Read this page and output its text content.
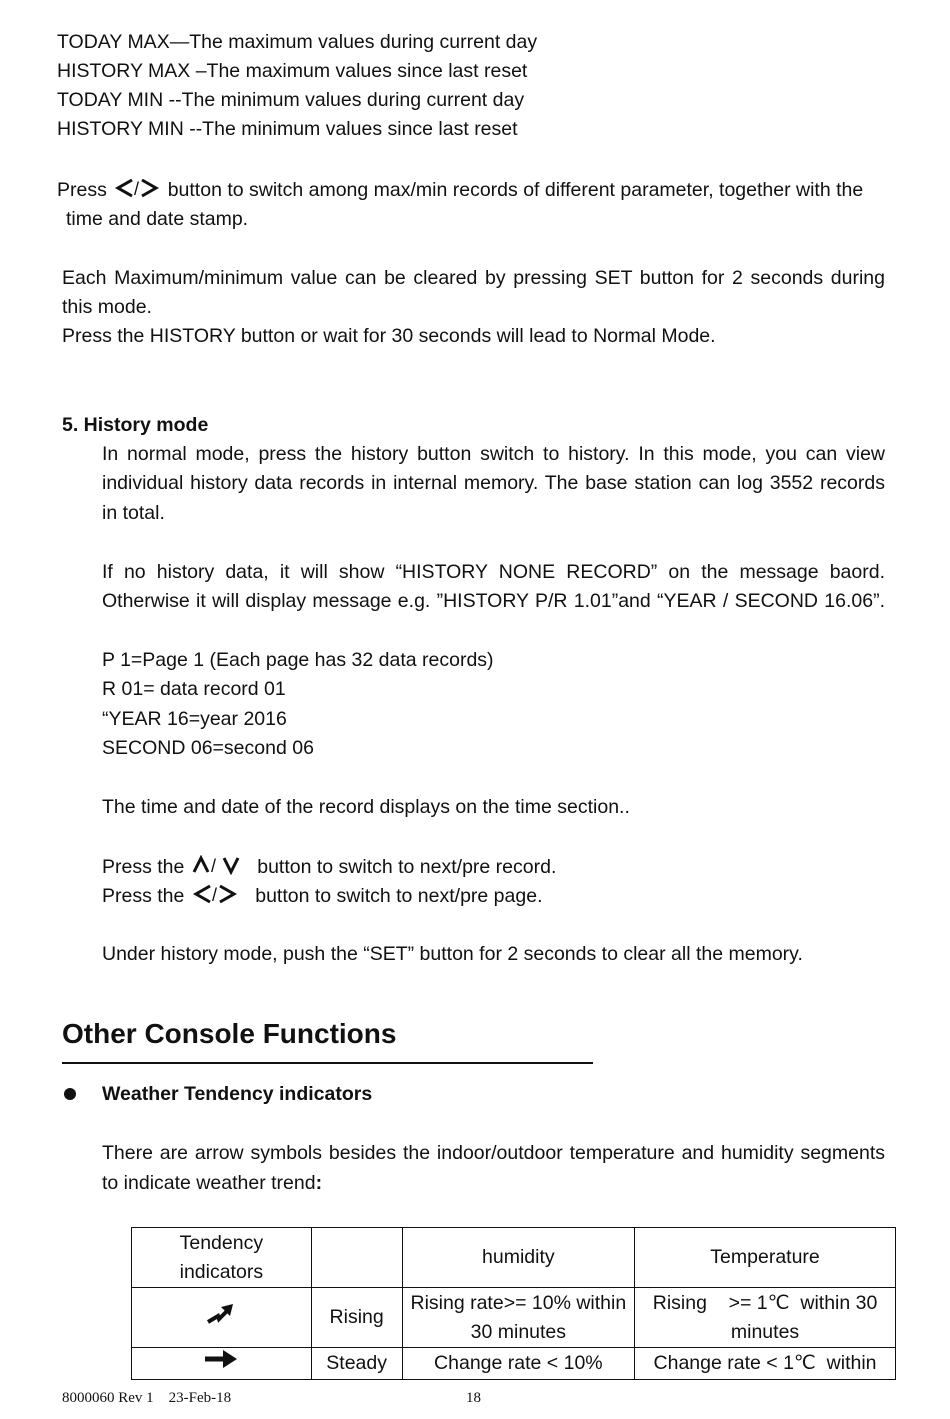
TODAY MAX—The maximum values during current day
HISTORY MAX –The maximum values since last reset
TODAY MIN --The minimum values during current day
HISTORY MIN --The minimum values since last reset
Press / button to switch among max/min records of different parameter, together with the
time and date stamp.
Each Maximum/minimum value can be cleared by pressing SET button for 2 seconds during
this mode.
Press the HISTORY button or wait for 30 seconds will lead to Normal Mode.
5. History mode
In normal mode, press the history button switch to history. In this mode, you can view
individual history data records in internal memory. The base station can log 3552 records
in total.
If no history data, it will show “HISTORY NONE RECORD” on the message baord.
Otherwise it will display message e.g. ”HISTORY P/R 1.01”and “YEAR / SECOND 16.06”.
P 1=Page 1 (Each page has 32 data records)
R 01= data record 01
“YEAR 16=year 2016
SECOND 06=second 06
The time and date of the record displays on the time section..
Press the / button to switch to next/pre record.
Press the / button to switch to next/pre page.
Under history mode, push the “SET” button for 2 seconds to clear all the memory.
Other Console Functions
Weather Tendency indicators
There are arrow symbols besides the indoor/outdoor temperature and humidity segments
to indicate weather trend:
Tendency indicators		humidity	Temperature
	Rising	Rising rate>= 10% within 30 minutes	Rising    >= 1℃  within 30
minutes

	Steady	Change rate < 10%	Change rate < 1℃  within
8000060 Rev 1    23-Feb-18	18
